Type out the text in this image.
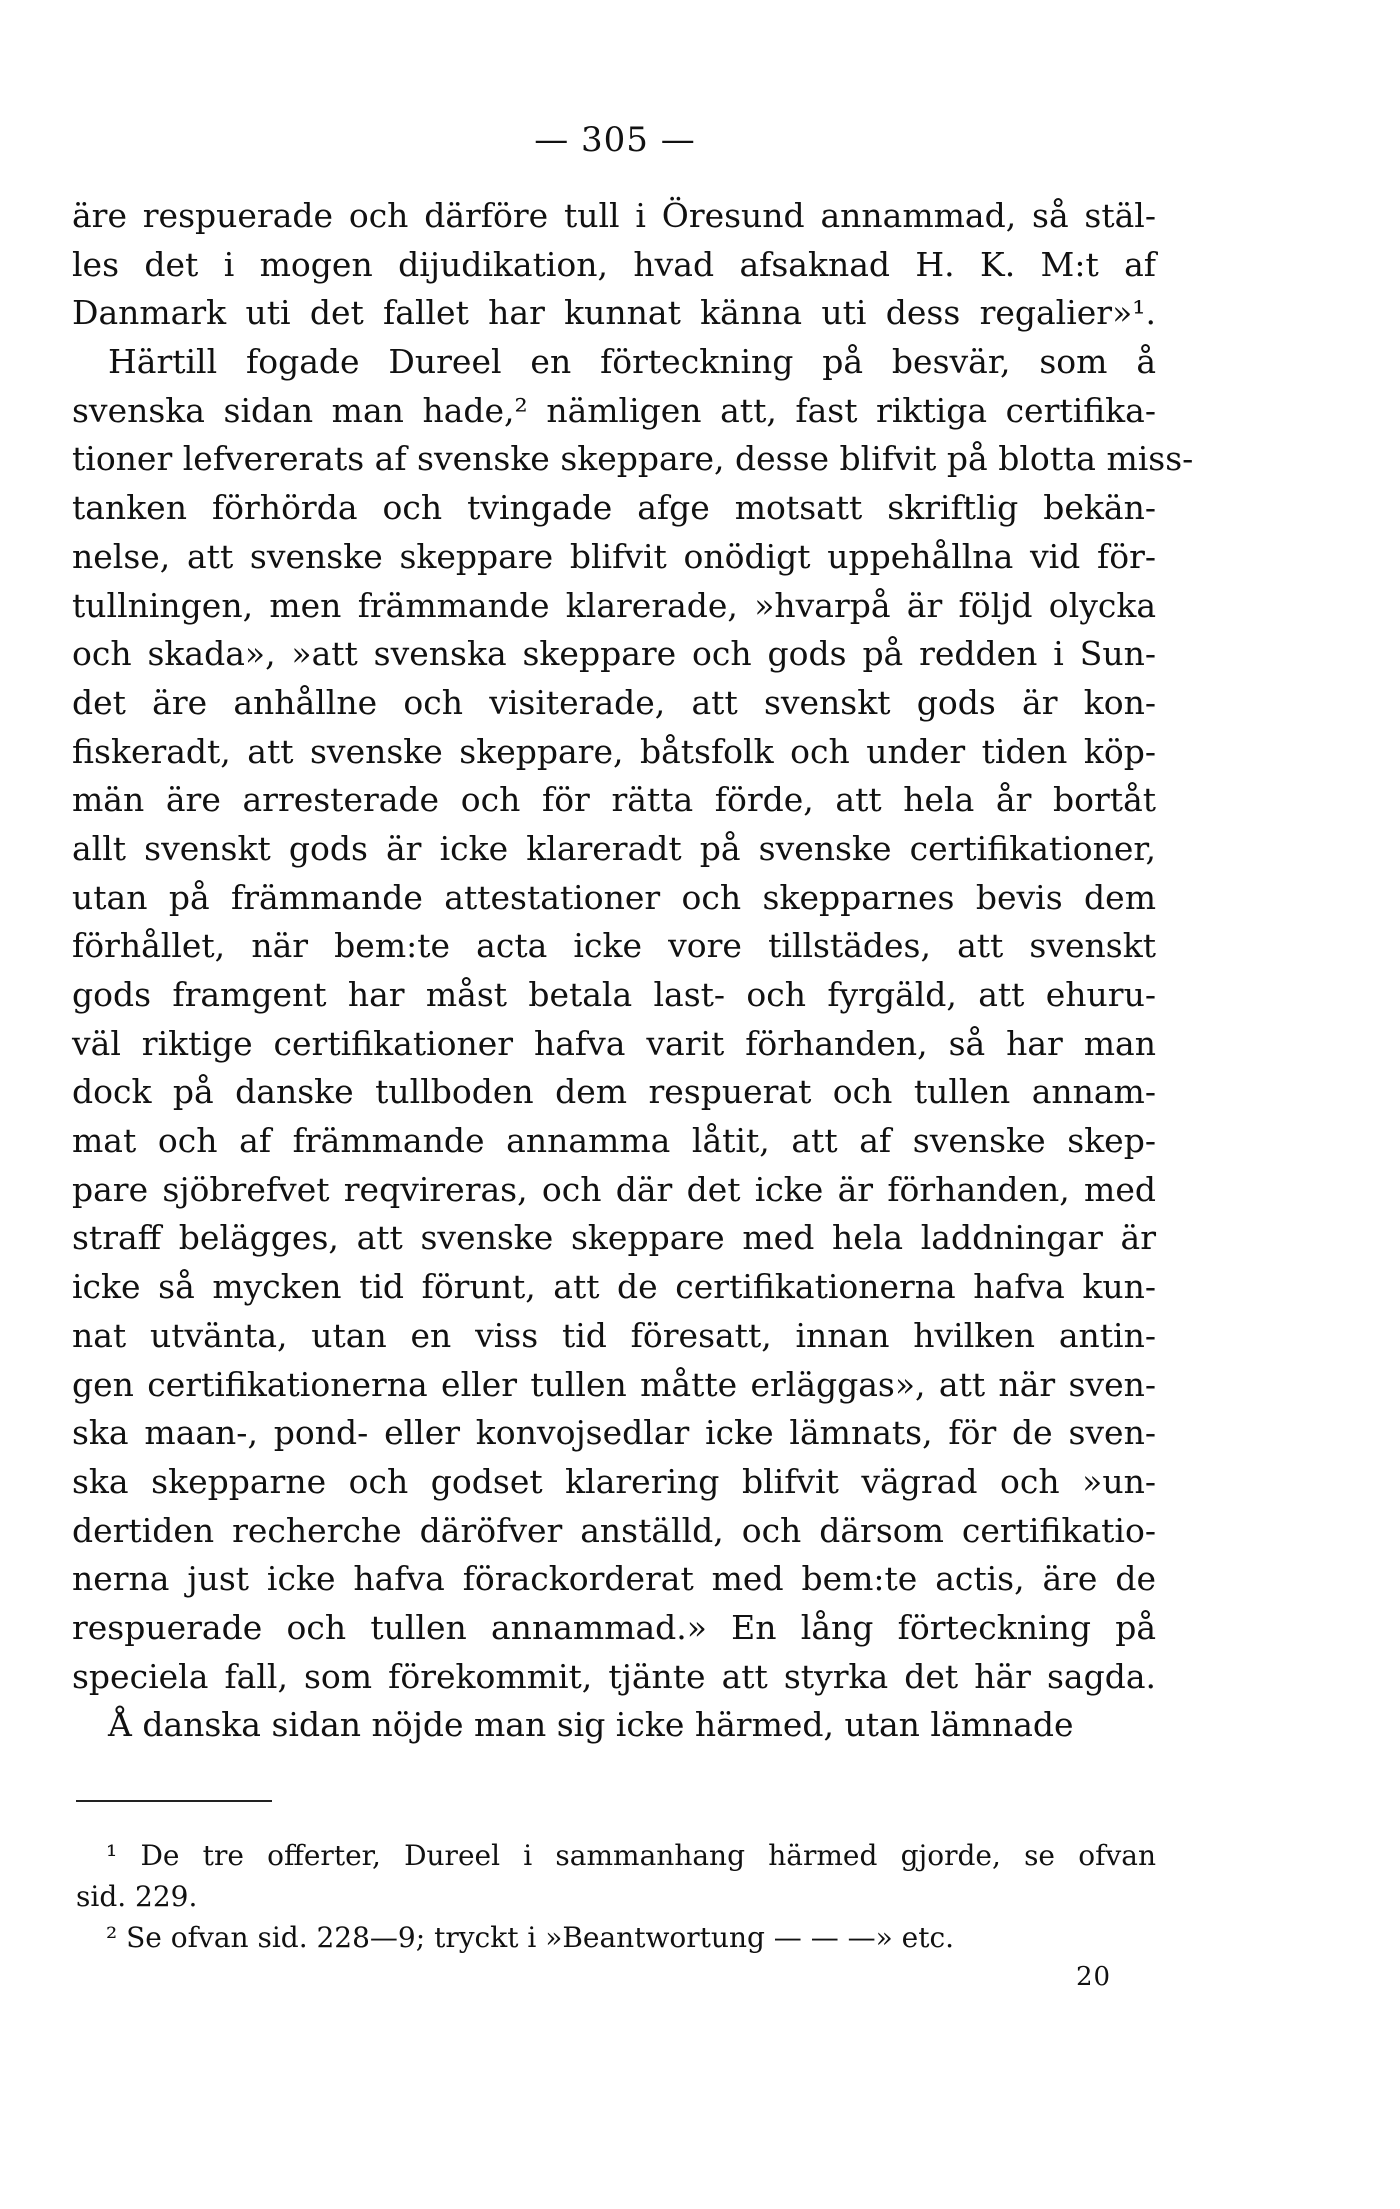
— 305 —
äre respuerade och därföre tull i Öresund annammad, så stäl-
les det i mogen dijudikation, hvad afsaknad H. K. M:t af
Danmark uti det fallet har kunnat känna uti dess regalier»¹.
Härtill fogade Dureel en förteckning på besvär, som å
svenska sidan man hade,² nämligen att, fast riktiga certifika-
tioner lefvererats af svenske skeppare, desse blifvit på blotta miss-
tanken förhörda och tvingade afge motsatt skriftlig bekän-
nelse, att svenske skeppare blifvit onödigt uppehållna vid för-
tullningen, men främmande klarerade, »hvarpå är följd olycka
och skada», »att svenska skeppare och gods på redden i Sun-
det äre anhållne och visiterade, att svenskt gods är kon-
fiskeradt, att svenske skeppare, båtsfolk och under tiden köp-
män äre arresterade och för rätta förde, att hela år bortåt
allt svenskt gods är icke klareradt på svenske certifikationer,
utan på främmande attestationer och skepparnes bevis dem
förhållet, när bem:te acta icke vore tillstädes, att svenskt
gods framgent har måst betala last- och fyrgäld, att ehuru-
väl riktige certifikationer hafva varit förhanden, så har man
dock på danske tullboden dem respuerat och tullen annam-
mat och af främmande annamma låtit, att af svenske skep-
pare sjöbrefvet reqvireras, och där det icke är förhanden, med
straff beläggеs, att svenske skeppare med hela laddningar är
icke så mycken tid förunt, att de certifikationerna hafva kun-
nat utvänta, utan en viss tid föresatt, innan hvilken antin-
gen certifikationerna eller tullen måtte erläggas», att när sven-
ska maan-, pond- eller konvojsedlar icke lämnats, för de sven-
ska skepparne och godset klarering blifvit vägrad och »un-
dertiden recherche däröfver anställd, och därsom certifikatio-
nerna just icke hafva förackorderat med bem:te actis, äre de
respuerade och tullen annammad.» En lång förteckning på
speciela fall, som förekommit, tjänte att styrka det här sagda.
Å danska sidan nöjde man sig icke härmed, utan lämnade
¹ De tre offerter, Dureel i sammanhang härmed gjorde, se ofvan
sid. 229.
² Se ofvan sid. 228—9; tryckt i »Beantwortung — — —» etc.
20
